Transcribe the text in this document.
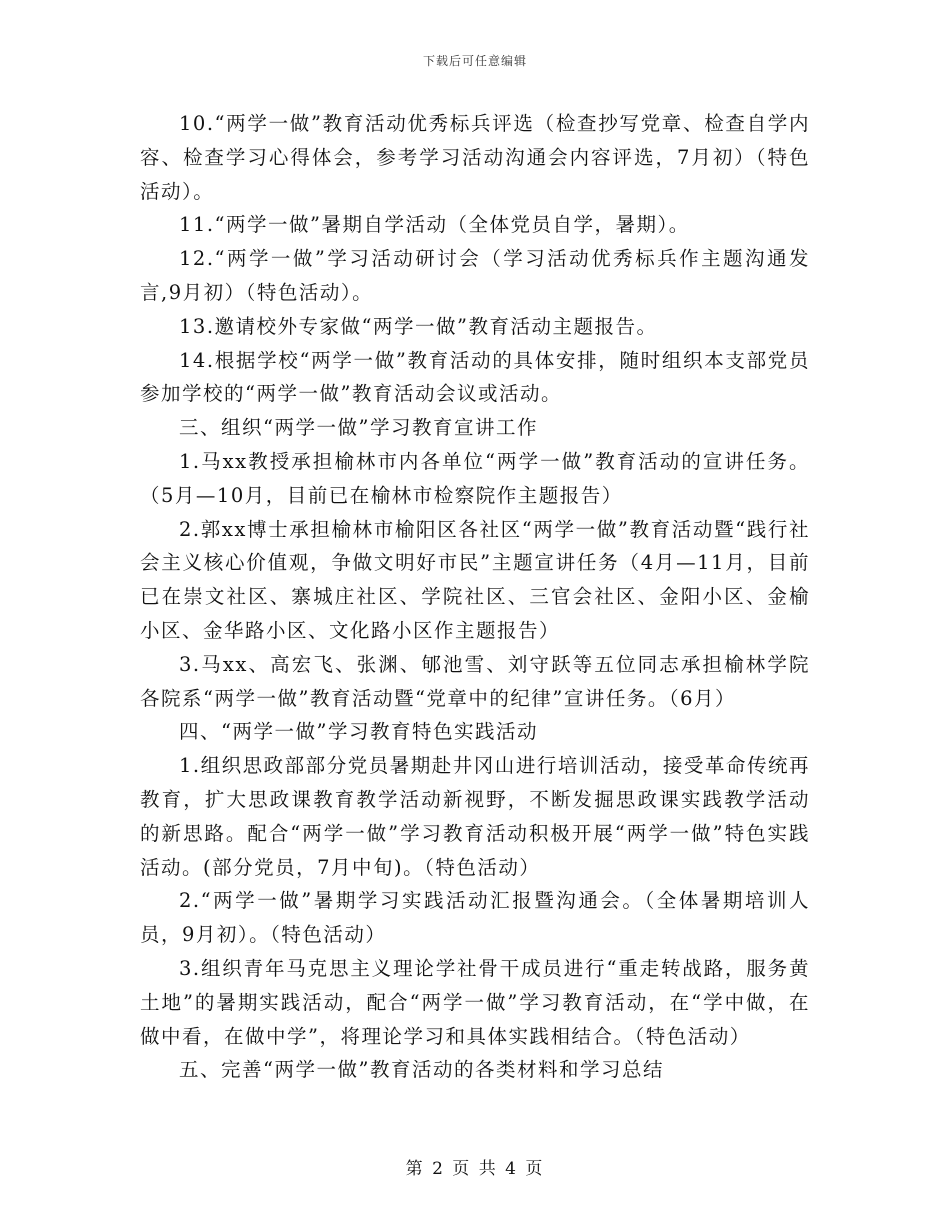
下载后可任意编辑

10.“两学一做”教育活动优秀标兵评选（检查抄写党章、检查自学内容、检查学习心得体会，参考学习活动沟通会内容评选，7月初）（特色活动）。

11.“两学一做”暑期自学活动（全体党员自学，暑期）。

12.“两学一做”学习活动研讨会（学习活动优秀标兵作主题沟通发言,9月初）（特色活动）。

13.邀请校外专家做“两学一做”教育活动主题报告。

14.根据学校“两学一做”教育活动的具体安排，随时组织本支部党员参加学校的“两学一做”教育活动会议或活动。

三、组织“两学一做”学习教育宣讲工作

1.马xx教授承担榆林市内各单位“两学一做”教育活动的宣讲任务。（5月—10月，目前已在榆林市检察院作主题报告）

2.郭xx博士承担榆林市榆阳区各社区“两学一做”教育活动暨“践行社会主义核心价值观，争做文明好市民”主题宣讲任务（4月—11月，目前已在崇文社区、寨城庄社区、学院社区、三官会社区、金阳小区、金榆小区、金华路小区、文化路小区作主题报告）

3.马xx、高宏飞、张渊、郇池雪、刘守跃等五位同志承担榆林学院各院系“两学一做”教育活动暨“党章中的纪律”宣讲任务。（6月）

四、“两学一做”学习教育特色实践活动

1.组织思政部部分党员暑期赴井冈山进行培训活动，接受革命传统再教育，扩大思政课教育教学活动新视野，不断发掘思政课实践教学活动的新思路。配合“两学一做”学习教育活动积极开展“两学一做”特色实践活动。(部分党员，7月中旬)。（特色活动）

2.“两学一做”暑期学习实践活动汇报暨沟通会。（全体暑期培训人员，9月初）。（特色活动）

3.组织青年马克思主义理论学社骨干成员进行“重走转战路，服务黄土地”的暑期实践活动，配合“两学一做”学习教育活动，在“学中做，在做中看，在做中学”，将理论学习和具体实践相结合。（特色活动）

五、完善“两学一做”教育活动的各类材料和学习总结

第 2 页 共 4 页
